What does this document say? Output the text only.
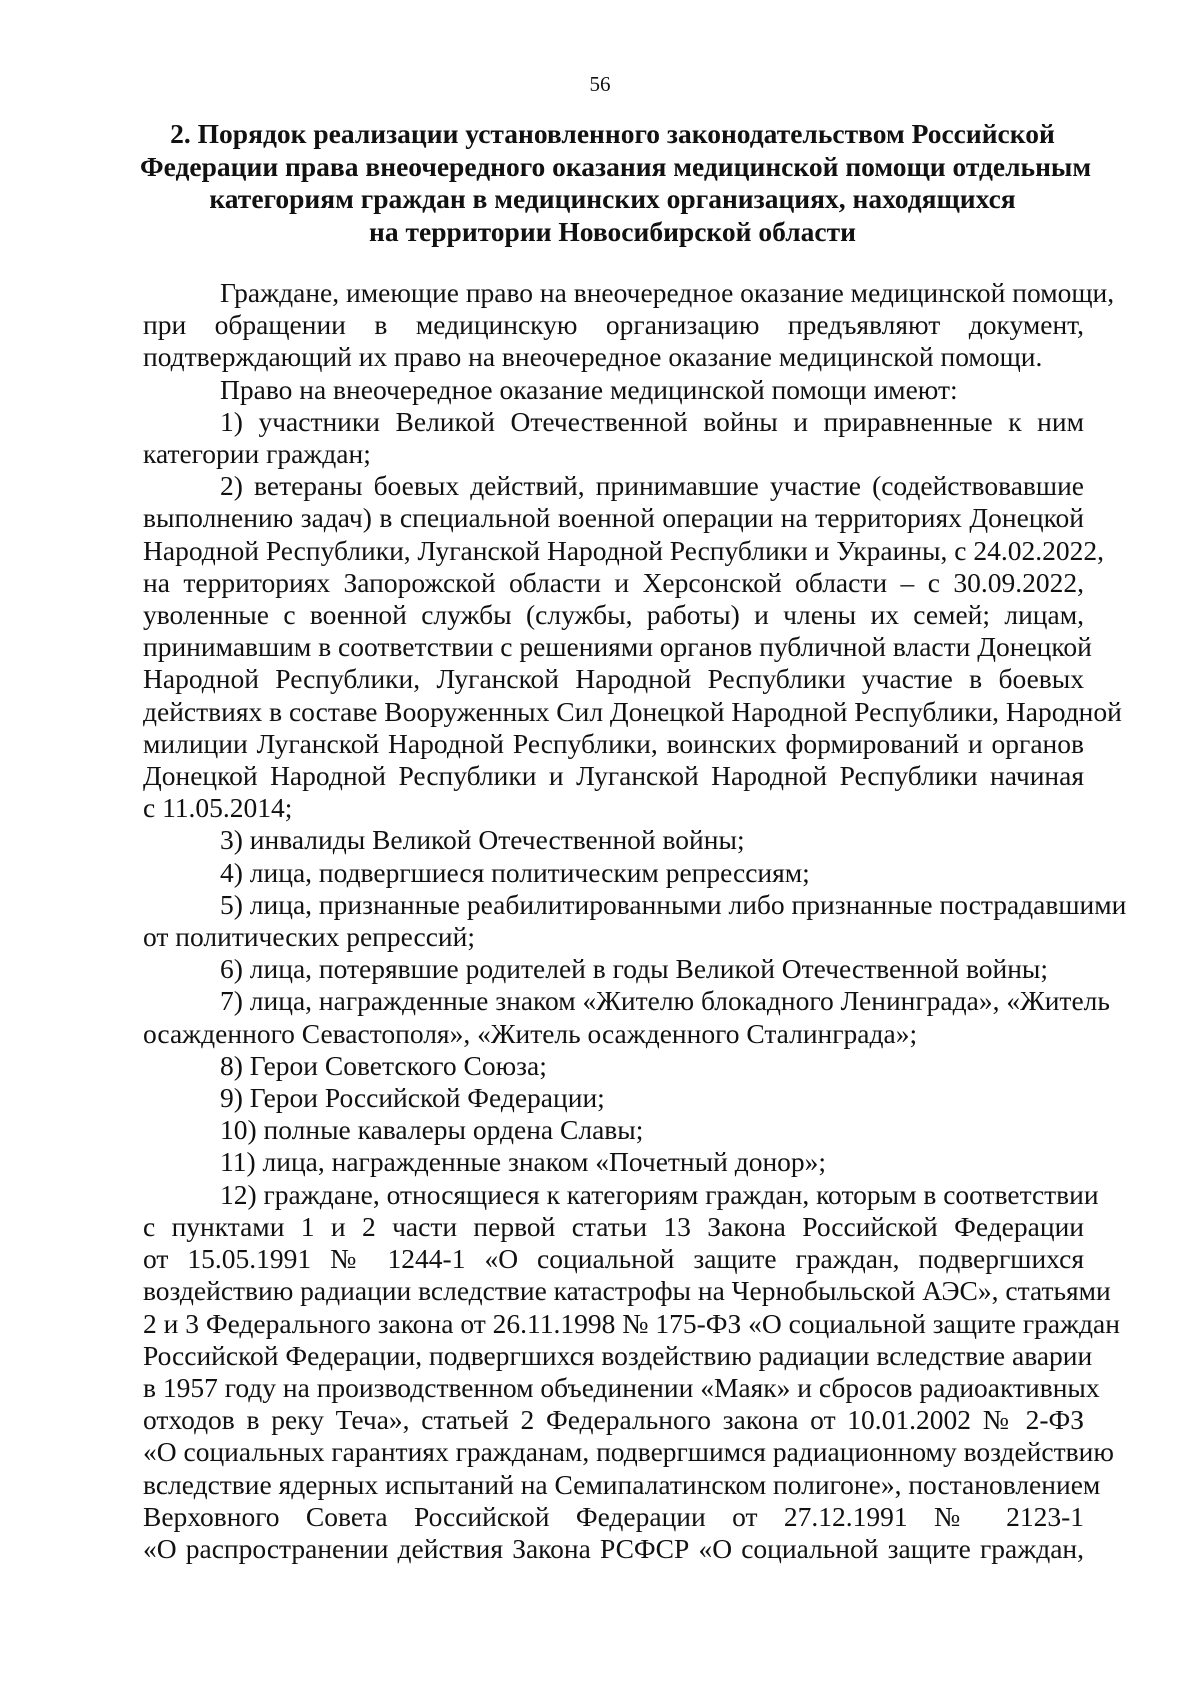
56
2. Порядок реализации установленного законодательством Российской
Федерации права внеочередного оказания медицинской помощи отдельным
категориям граждан в медицинских организациях, находящихся
на территории Новосибирской области
Граждане, имеющие право на внеочередное оказание медицинской помощи,
при обращении в медицинскую организацию предъявляют документ,
подтверждающий их право на внеочередное оказание медицинской помощи.
Право на внеочередное оказание медицинской помощи имеют:
1) участники Великой Отечественной войны и приравненные к ним
категории граждан;
2) ветераны боевых действий, принимавшие участие (содействовавшие
выполнению задач) в специальной военной операции на территориях Донецкой
Народной Республики, Луганской Народной Республики и Украины, с 24.02.2022,
на территориях Запорожской области и Херсонской области – с 30.09.2022,
уволенные с военной службы (службы, работы) и члены их семей; лицам,
принимавшим в соответствии с решениями органов публичной власти Донецкой
Народной Республики, Луганской Народной Республики участие в боевых
действиях в составе Вооруженных Сил Донецкой Народной Республики, Народной
милиции Луганской Народной Республики, воинских формирований и органов
Донецкой Народной Республики и Луганской Народной Республики начиная
с 11.05.2014;
3) инвалиды Великой Отечественной войны;
4) лица, подвергшиеся политическим репрессиям;
5) лица, признанные реабилитированными либо признанные пострадавшими
от политических репрессий;
6) лица, потерявшие родителей в годы Великой Отечественной войны;
7) лица, награжденные знаком «Жителю блокадного Ленинграда», «Житель
осажденного Севастополя», «Житель осажденного Сталинграда»;
8) Герои Советского Союза;
9) Герои Российской Федерации;
10) полные кавалеры ордена Славы;
11) лица, награжденные знаком «Почетный донор»;
12) граждане, относящиеся к категориям граждан, которым в соответствии
с пунктами 1 и 2 части первой статьи 13 Закона Российской Федерации
от 15.05.1991 № 1244-1 «О социальной защите граждан, подвергшихся
воздействию радиации вследствие катастрофы на Чернобыльской АЭС», статьями
2 и 3 Федерального закона от 26.11.1998 № 175-ФЗ «О социальной защите граждан
Российской Федерации, подвергшихся воздействию радиации вследствие аварии
в 1957 году на производственном объединении «Маяк» и сбросов радиоактивных
отходов в реку Теча», статьей 2 Федерального закона от 10.01.2002 № 2-ФЗ
«О социальных гарантиях гражданам, подвергшимся радиационному воздействию
вследствие ядерных испытаний на Семипалатинском полигоне», постановлением
Верховного Совета Российской Федерации от 27.12.1991 № 2123-1
«О распространении действия Закона РСФСР «О социальной защите граждан,
